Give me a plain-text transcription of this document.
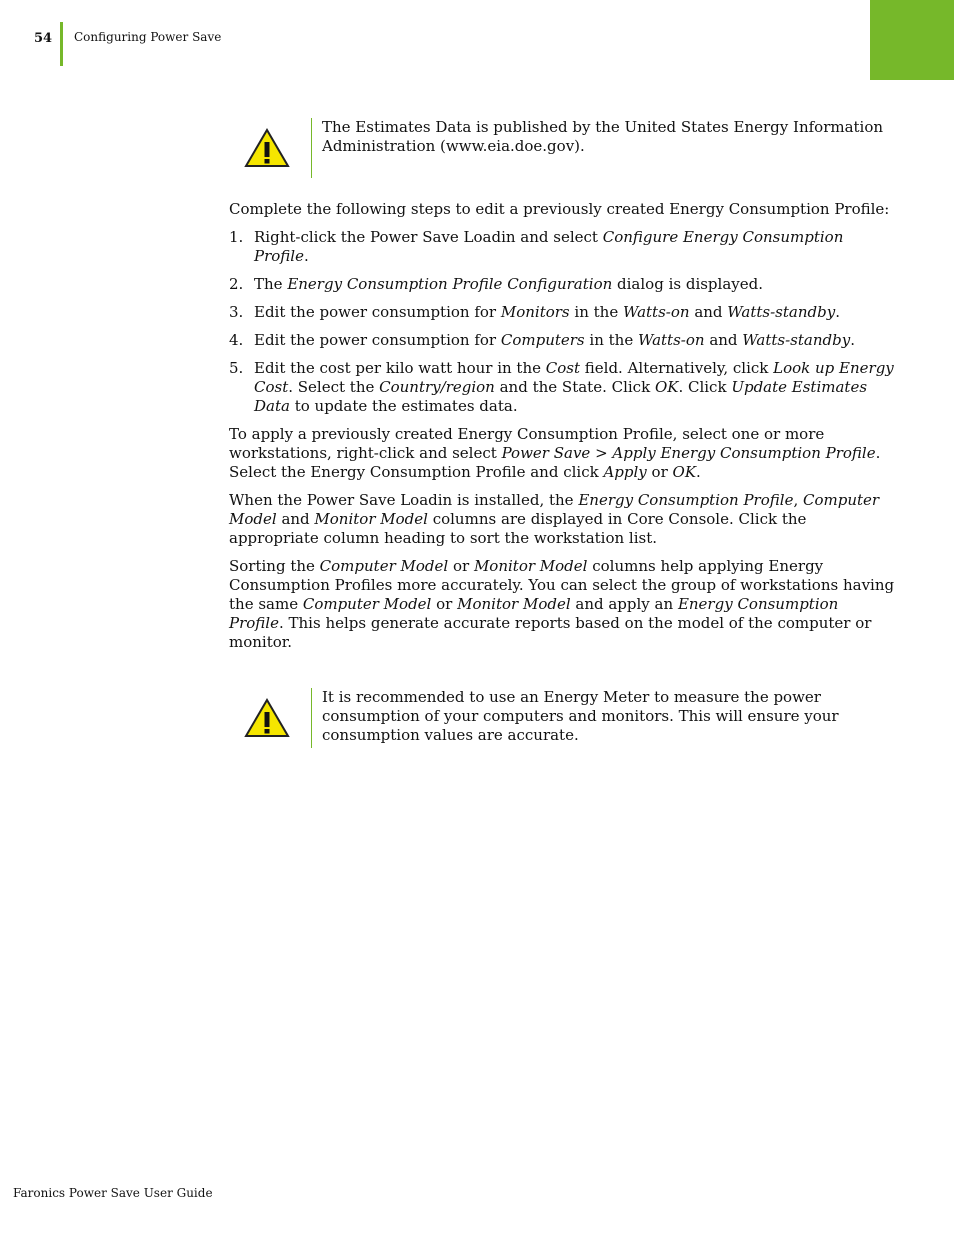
54 Configuring Power Save
The Estimates Data is published by the United States Energy Information Administration (www.eia.doe.gov).

Complete the following steps to edit a previously created Energy Consumption Profile:

1. Right-click the Power Save Loadin and select Configure Energy Consumption Profile.
2. The Energy Consumption Profile Configuration dialog is displayed.
3. Edit the power consumption for Monitors in the Watts-on and Watts-standby.
4. Edit the power consumption for Computers in the Watts-on and Watts-standby.
5. Edit the cost per kilo watt hour in the Cost field. Alternatively, click Look up Energy Cost. Select the Country/region and the State. Click OK. Click Update Estimates Data to update the estimates data.

To apply a previously created Energy Consumption Profile, select one or more workstations, right-click and select Power Save > Apply Energy Consumption Profile. Select the Energy Consumption Profile and click Apply or OK.

When the Power Save Loadin is installed, the Energy Consumption Profile, Computer Model and Monitor Model columns are displayed in Core Console. Click the appropriate column heading to sort the workstation list.

Sorting the Computer Model or Monitor Model columns help applying Energy Consumption Profiles more accurately. You can select the group of workstations having the same Computer Model or Monitor Model and apply an Energy Consumption Profile. This helps generate accurate reports based on the model of the computer or monitor.

It is recommended to use an Energy Meter to measure the power consumption of your computers and monitors. This will ensure your consumption values are accurate.
Faronics Power Save User Guide
